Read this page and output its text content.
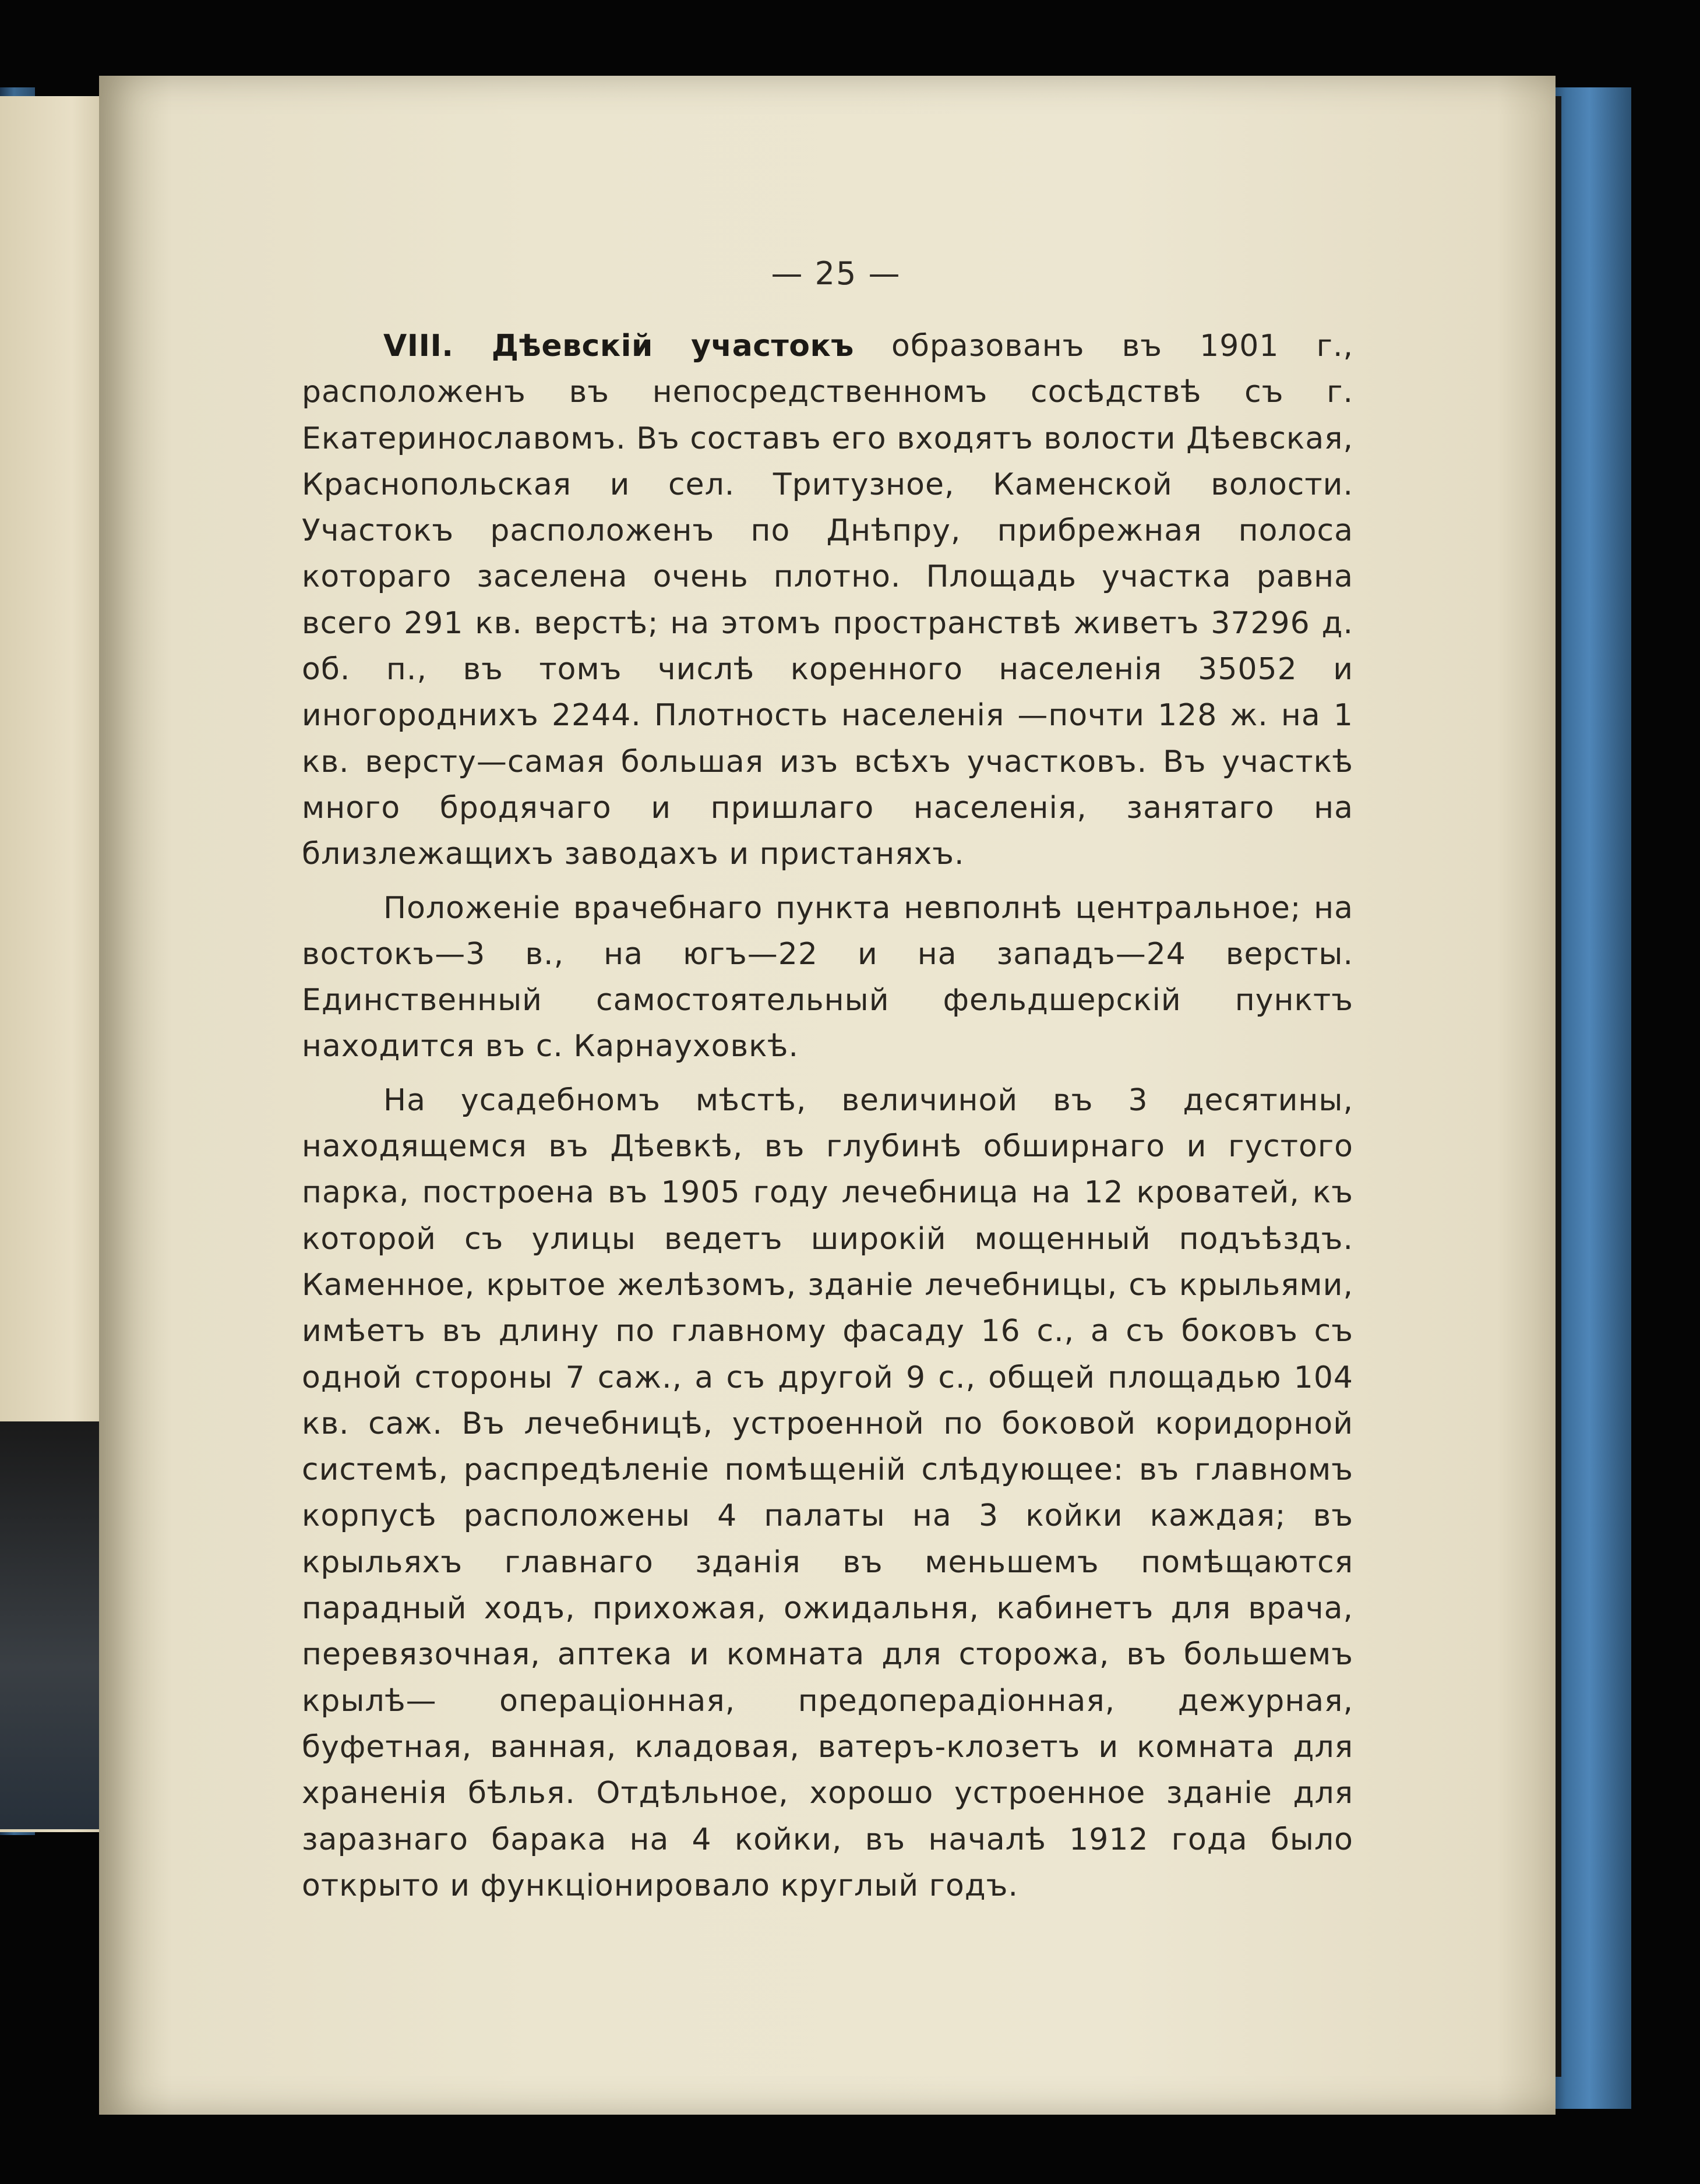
— 25 —

VIII. Дѣевскій участокъ образованъ въ 1901 г., расположенъ въ непосредственномъ сосѣдствѣ съ г. Екатеринославомъ. Въ составъ его входятъ волости Дѣевская, Краснопольская и сел. Тритузное, Каменской волости. Участокъ расположенъ по Днѣпру, прибрежная полоса котораго заселена очень плотно. Площадь участка равна всего 291 кв. верстѣ; на этомъ пространствѣ живетъ 37296 д. об. п., въ томъ числѣ коренного населенія 35052 и иногороднихъ 2244. Плотность населенія —почти 128 ж. на 1 кв. версту—самая большая изъ всѣхъ участковъ. Въ участкѣ много бродячаго и пришлаго населенія, занятаго на близлежащихъ заводахъ и пристаняхъ.

Положеніе врачебнаго пункта невполнѣ центральное; на востокъ—3 в., на югъ—22 и на западъ—24 версты. Единственный самостоятельный фельдшерскій пунктъ находится въ с. Карнауховкѣ.

На усадебномъ мѣстѣ, величиной въ 3 десятины, находящемся въ Дѣевкѣ, въ глубинѣ обширнаго и густого парка, построена въ 1905 году лечебница на 12 кроватей, къ которой съ улицы ведетъ широкій мощенный подъѣздъ. Каменное, крытое желѣзомъ, зданіе лечебницы, съ крыльями, имѣетъ въ длину по главному фасаду 16 с., а съ боковъ съ одной стороны 7 саж., а съ другой 9 с., общей площадью 104 кв. саж. Въ лечебницѣ, устроенной по боковой коридорной системѣ, распредѣленіе помѣщеній слѣдующее: въ главномъ корпусѣ расположены 4 палаты на 3 койки каждая; въ крыльяхъ главнаго зданія въ меньшемъ помѣщаются парадный ходъ, прихожая, ожидальня, кабинетъ для врача, перевязочная, аптека и комната для сторожа, въ большемъ крылѣ— операціонная, предоперадіонная, дежурная, буфетная, ванная, кладовая, ватеръ-клозетъ и комната для храненія бѣлья. Отдѣльное, хорошо устроенное зданіе для заразнаго барака на 4 койки, въ началѣ 1912 года было открыто и функціонировало круглый годъ.
